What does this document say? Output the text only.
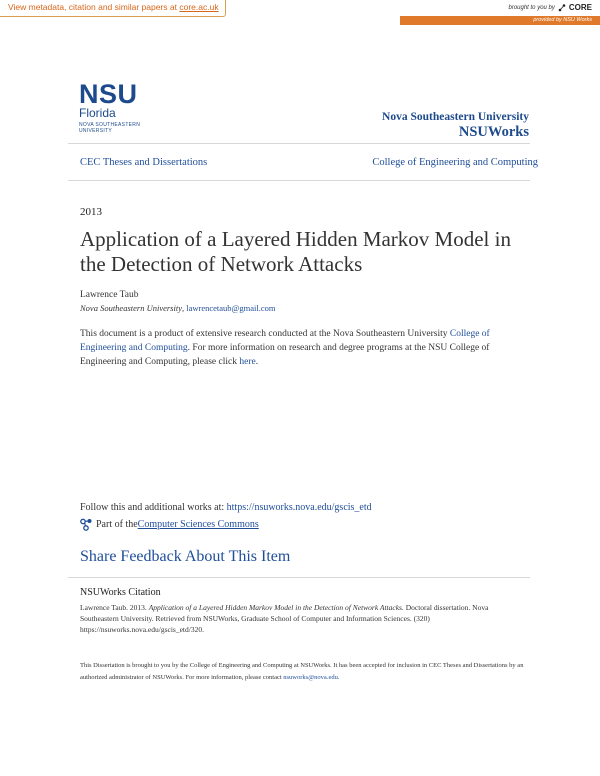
View metadata, citation and similar papers at core.ac.uk	brought to you by CORE
provided by NSU Works
NSU
Florida
NOVA SOUTHEASTERN
UNIVERSITY
Nova Southeastern University
NSUWorks
CEC Theses and Dissertations	College of Engineering and Computing
2013
Application of a Layered Hidden Markov Model in the Detection of Network Attacks
Lawrence Taub
Nova Southeastern University, lawrencetaub@gmail.com
This document is a product of extensive research conducted at the Nova Southeastern University College of Engineering and Computing. For more information on research and degree programs at the NSU College of Engineering and Computing, please click here.
Follow this and additional works at: https://nsuworks.nova.edu/gscis_etd
Part of the Computer Sciences Commons
Share Feedback About This Item
NSUWorks Citation
Lawrence Taub. 2013. Application of a Layered Hidden Markov Model in the Detection of Network Attacks. Doctoral dissertation. Nova Southeastern University. Retrieved from NSUWorks, Graduate School of Computer and Information Sciences. (320) https://nsuworks.nova.edu/gscis_etd/320.
This Dissertation is brought to you by the College of Engineering and Computing at NSUWorks. It has been accepted for inclusion in CEC Theses and Dissertations by an authorized administrator of NSUWorks. For more information, please contact nsuworks@nova.edu.
